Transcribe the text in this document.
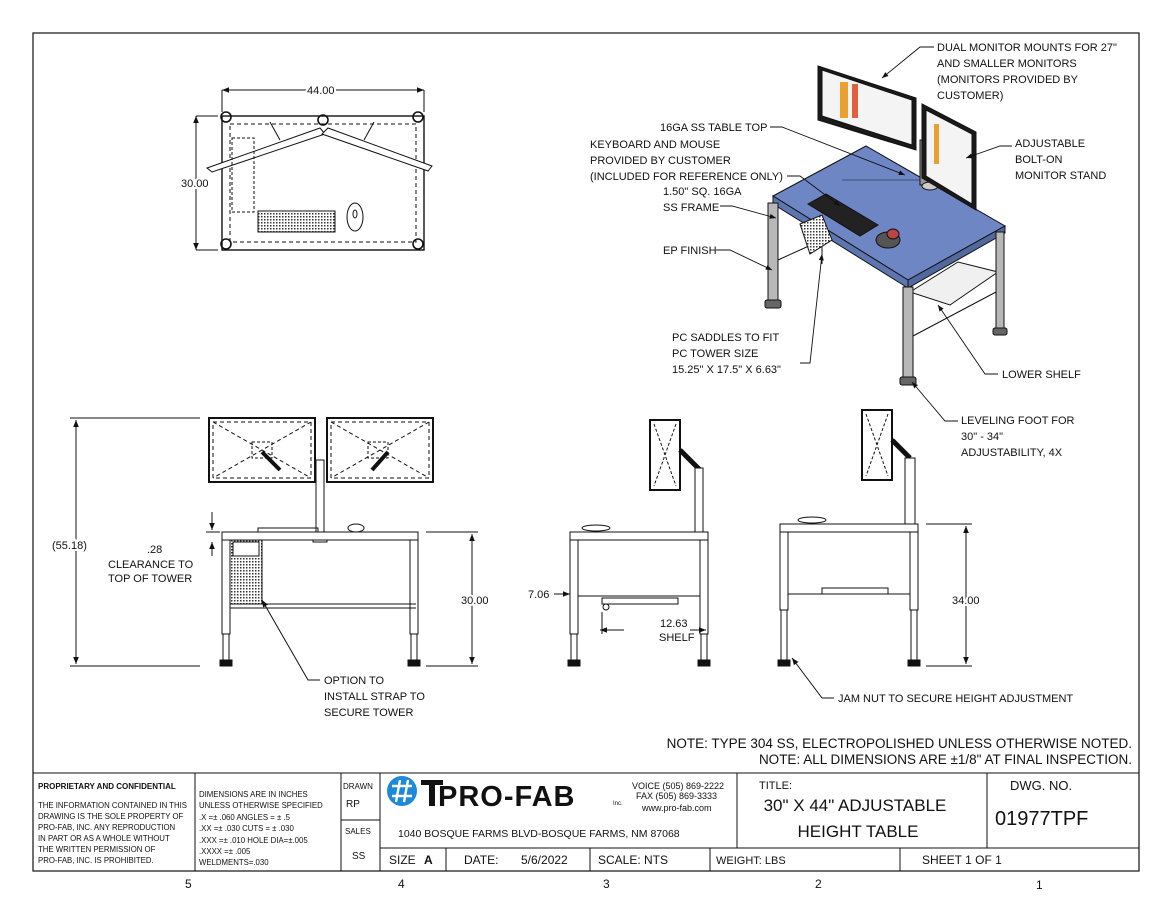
44.00
30.00
(55.18)	.28
CLEARANCE TO
TOP OF TOWER
30.00
OPTION TO
INSTALL STRAP TO
SECURE TOWER
7.06
12.63
SHELF
34.00
JAM NUT TO SECURE HEIGHT ADJUSTMENT
DUAL MONITOR MOUNTS FOR 27"
AND SMALLER MONITORS
(MONITORS PROVIDED BY
CUSTOMER)
16GA SS TABLE TOP
KEYBOARD AND MOUSE
PROVIDED BY CUSTOMER
(INCLUDED FOR REFERENCE ONLY)
1.50" SQ. 16GA
SS FRAME
EP FINISH
ADJUSTABLE
BOLT-ON
MONITOR STAND
PC SADDLES TO FIT
PC TOWER SIZE
15.25" X 17.5" X 6.63"	LOWER SHELF
LEVELING FOOT FOR
30" - 34"
ADJUSTABILITY, 4X
NOTE: TYPE 304 SS, ELECTROPOLISHED UNLESS OTHERWISE NOTED.
NOTE: ALL DIMENSIONS ARE ±1/8" AT FINAL INSPECTION.
PROPRIETARY AND CONFIDENTIAL
THE INFORMATION CONTAINED IN THIS
DRAWING IS THE SOLE PROPERTY OF
PRO-FAB, INC. ANY REPRODUCTION
IN PART OR AS A WHOLE WITHOUT
THE WRITTEN PERMISSION OF
PRO-FAB, INC. IS PROHIBITED.
DIMENSIONS ARE IN INCHES
UNLESS OTHERWISE SPECIFIED
.X =± .060 ANGLES = ± .5
.XX =± .030 CUTS = ± .030
.XXX =± .010 HOLE DIA=±.005
.XXXX =± .005
WELDMENTS=.030
DRAWN
RP
SALES
SS
PRO-FAB	Inc.
VOICE (505) 869-2222
FAX (505) 869-3333
www.pro-fab.com
1040 BOSQUE FARMS BLVD-BOSQUE FARMS, NM 87068
TITLE:
30" X 44" ADJUSTABLE
HEIGHT TABLE
DWG. NO.
01977TPF
SIZE A	DATE: 5/6/2022	SCALE: NTS	WEIGHT: LBS	SHEET 1 OF 1
5	4	3	2	1
